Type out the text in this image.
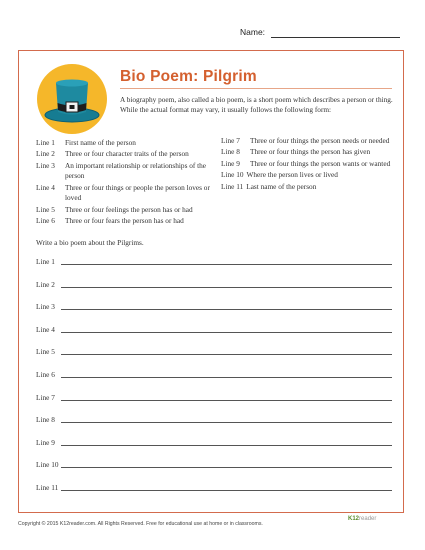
Name:
Bio Poem: Pilgrim
A biography poem, also called a bio poem, is a short poem which describes a person or thing. While the actual format may vary, it usually follows the following form:
Line 1	First name of the person
Line 2	Three or four character traits of the person
Line 3	An important relationship or relationships of the person
Line 4	Three or four things or people the person loves or loved
Line 5	Three or four feelings the person has or had
Line 6	Three or four fears the person has or had
Line 7	Three or four things the person needs or needed
Line 8	Three or four things the person has given
Line 9	Three or four things the person wants or wanted
Line 10 Where the person lives or lived
Line 11 Last name of the person
Write a bio poem about the Pilgrims.
Line 1
Line 2
Line 3
Line 4
Line 5
Line 6
Line 7
Line 8
Line 9
Line 10
Line 11
Copyright © 2015 K12reader.com. All Rights Reserved. Free for educational use at home or in classrooms.
K12reader
